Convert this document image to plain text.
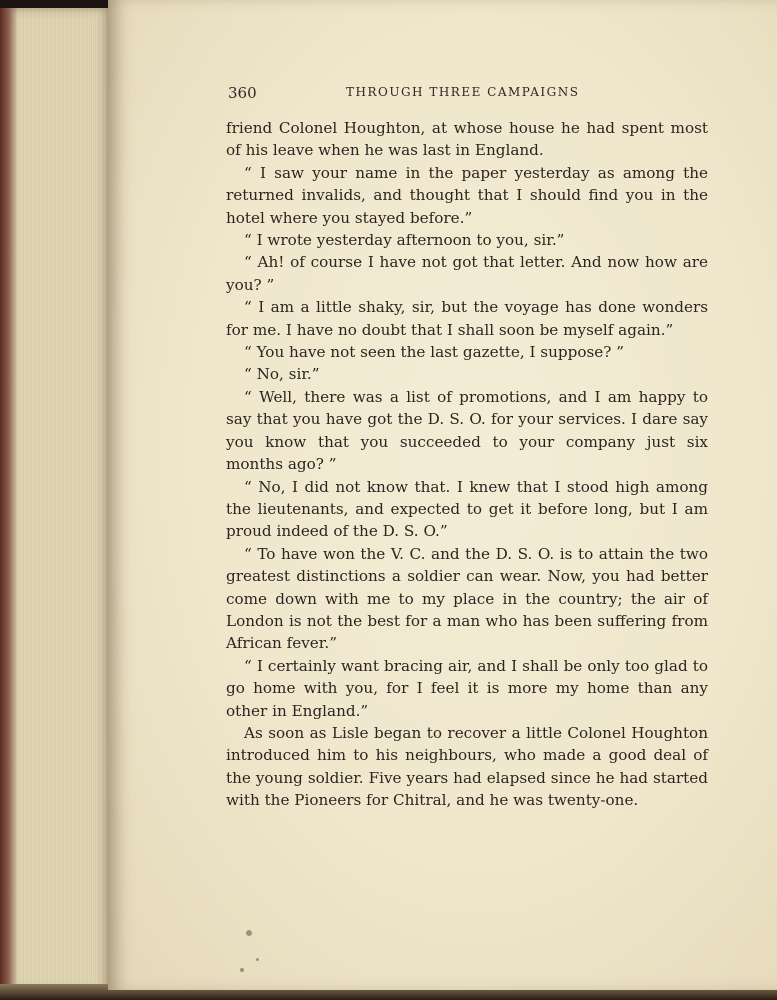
360	THROUGH THREE CAMPAIGNS

friend Colonel Houghton, at whose house he had spent most of his leave when he was last in England.

“ I saw your name in the paper yesterday as among the returned invalids, and thought that I should find you in the hotel where you stayed before.”

“ I wrote yesterday afternoon to you, sir.”

“ Ah! of course I have not got that letter. And now how are you? ”

“ I am a little shaky, sir, but the voyage has done wonders for me. I have no doubt that I shall soon be myself again.”

“ You have not seen the last gazette, I suppose? ”

“ No, sir.”

“ Well, there was a list of promotions, and I am happy to say that you have got the D. S. O. for your services. I dare say you know that you succeeded to your company just six months ago? ”

“ No, I did not know that. I knew that I stood high among the lieutenants, and expected to get it before long, but I am proud indeed of the D. S. O.”

“ To have won the V. C. and the D. S. O. is to attain the two greatest distinctions a soldier can wear. Now, you had better come down with me to my place in the country; the air of London is not the best for a man who has been suffering from African fever.”

“ I certainly want bracing air, and I shall be only too glad to go home with you, for I feel it is more my home than any other in England.”

As soon as Lisle began to recover a little Colonel Houghton introduced him to his neighbours, who made a good deal of the young soldier. Five years had elapsed since he had started with the Pioneers for Chitral, and he was twenty-one.
